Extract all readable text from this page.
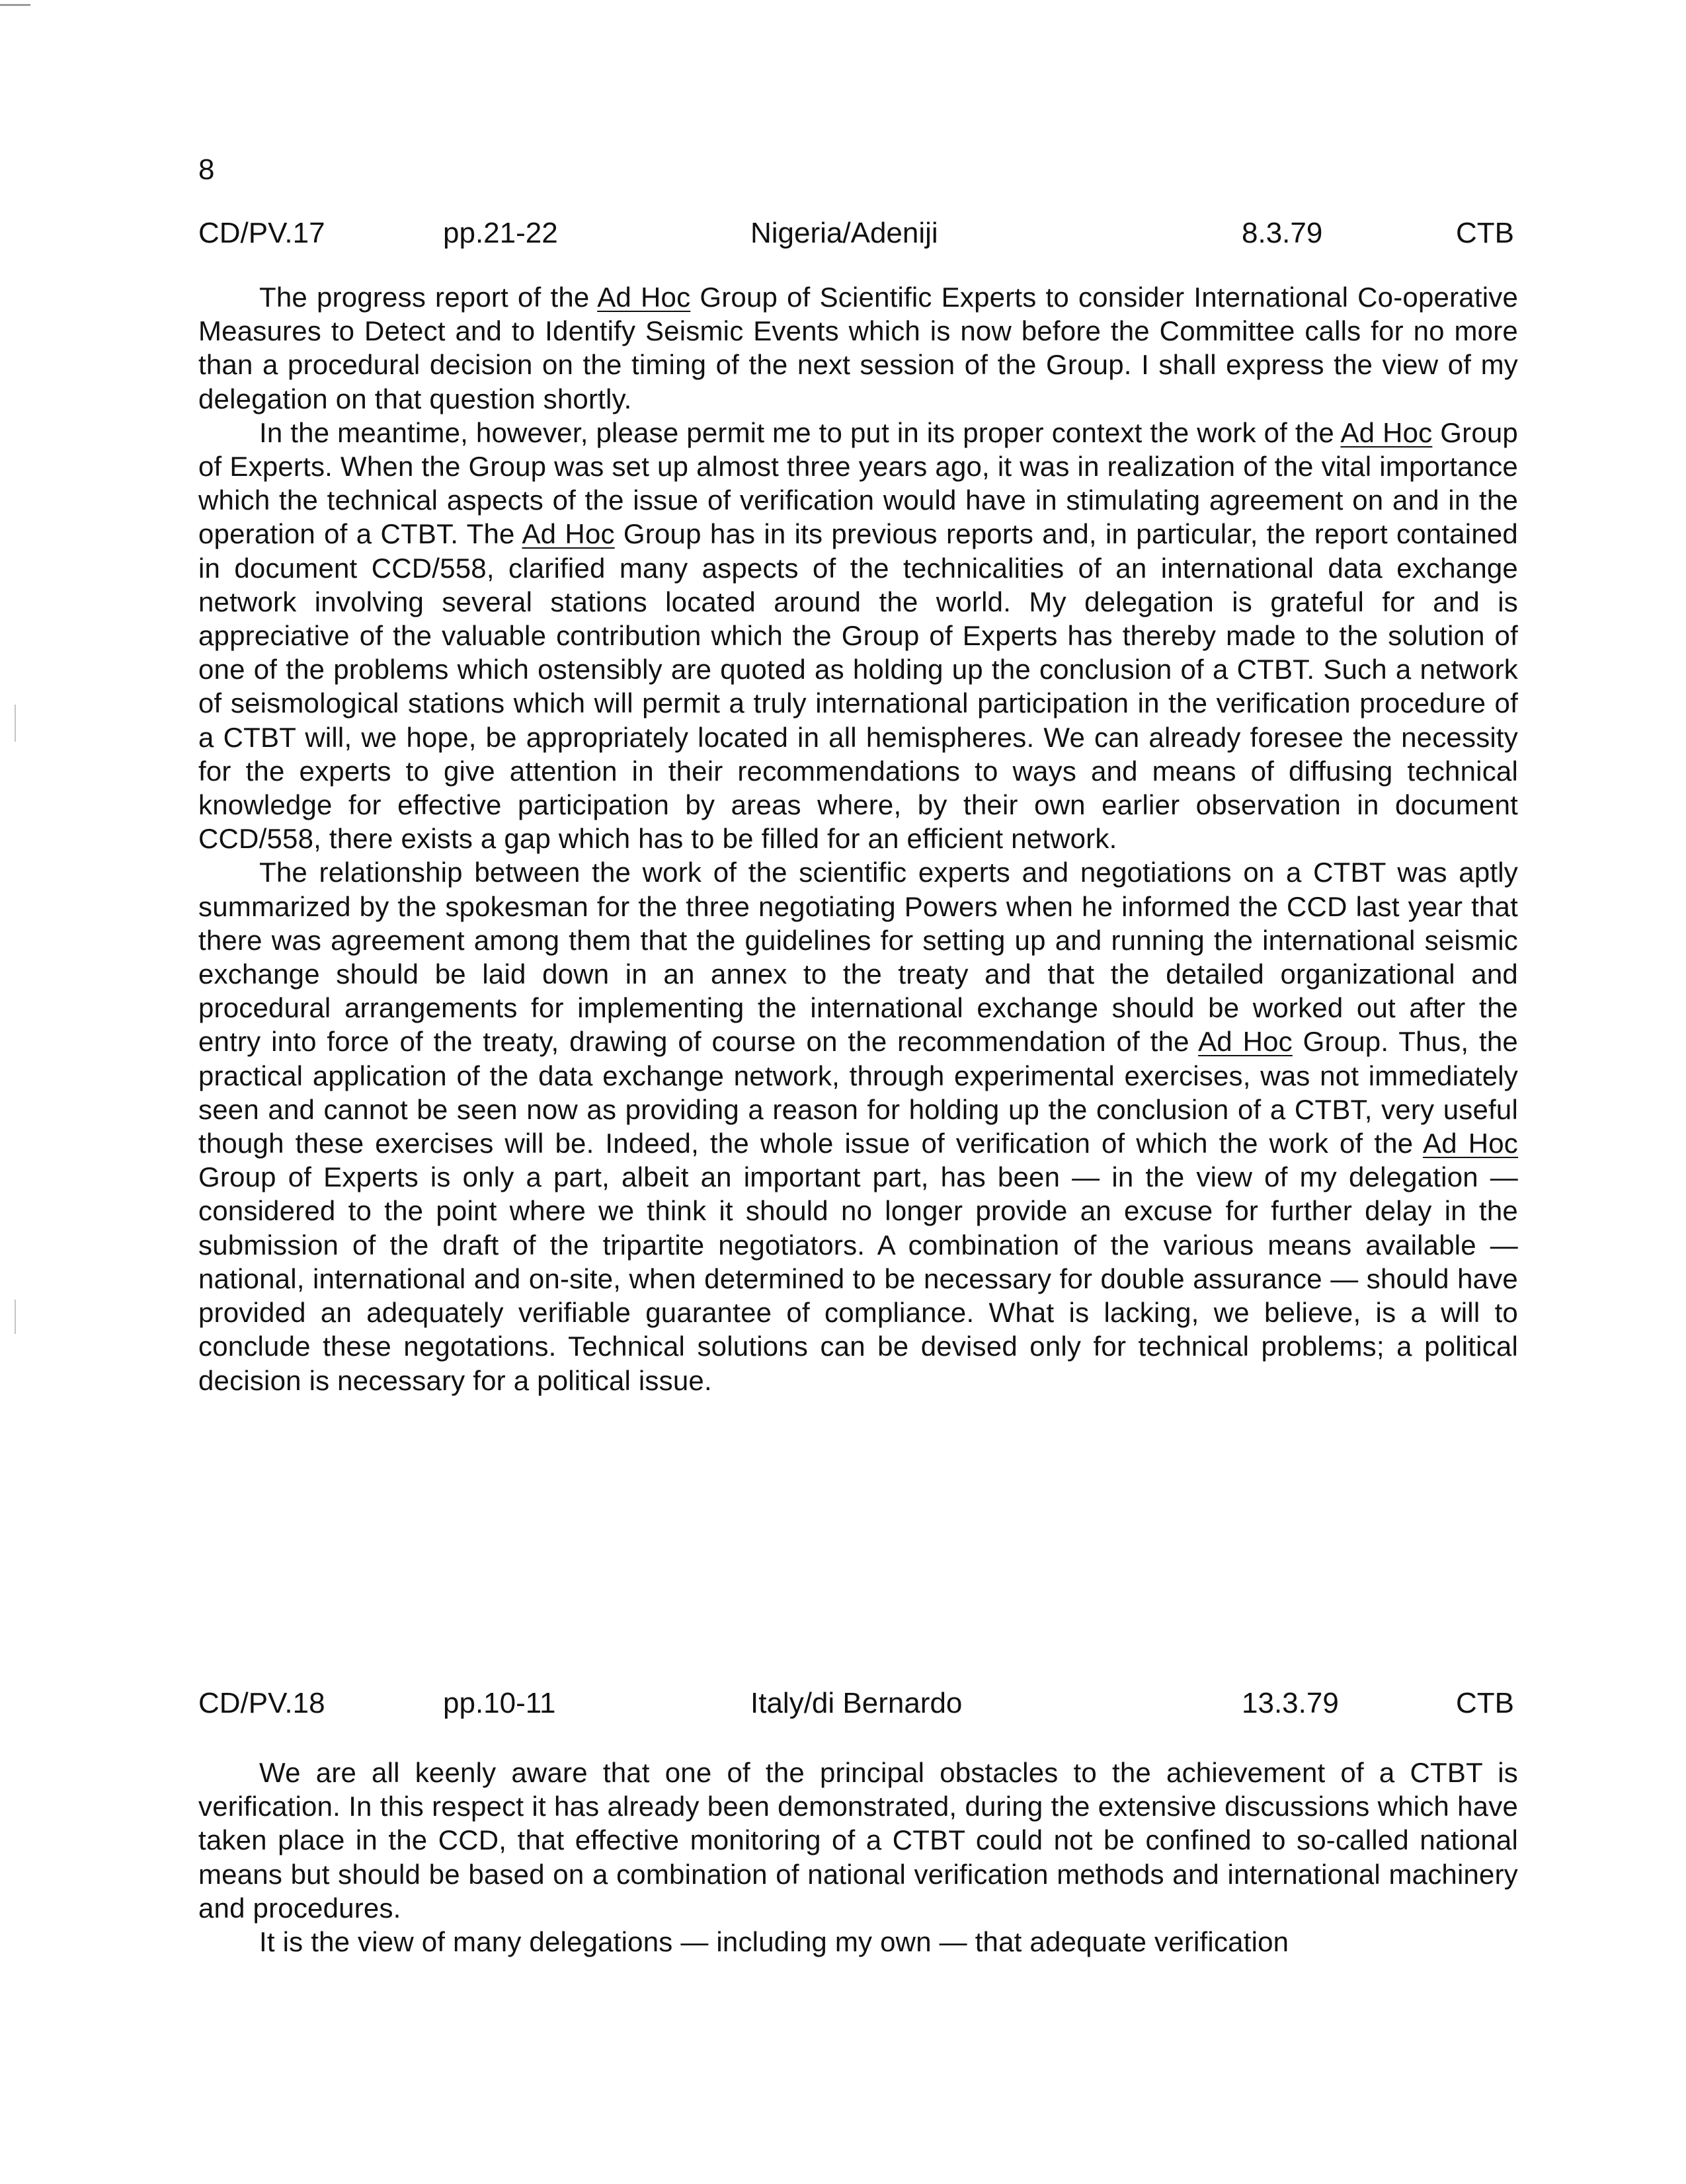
8
CD/PV.17	pp.21-22	Nigeria/Adeniji	8.3.79	CTB

The progress report of the Ad Hoc Group of Scientific Experts to consider International Co-operative Measures to Detect and to Identify Seismic Events which is now before the Committee calls for no more than a procedural decision on the timing of the next session of the Group. I shall express the view of my delegation on that question shortly.

In the meantime, however, please permit me to put in its proper context the work of the Ad Hoc Group of Experts. When the Group was set up almost three years ago, it was in realization of the vital importance which the technical aspects of the issue of verification would have in stimulating agreement on and in the operation of a CTBT. The Ad Hoc Group has in its previous reports and, in particular, the report contained in document CCD/558, clarified many aspects of the technicalities of an international data exchange network involving several stations located around the world. My delegation is grateful for and is appreciative of the valuable contribution which the Group of Experts has thereby made to the solution of one of the problems which ostensibly are quoted as holding up the conclusion of a CTBT. Such a network of seismological stations which will permit a truly international participation in the verification procedure of a CTBT will, we hope, be appropriately located in all hemispheres. We can already foresee the necessity for the experts to give attention in their recommendations to ways and means of diffusing technical knowledge for effective participation by areas where, by their own earlier observation in document CCD/558, there exists a gap which has to be filled for an efficient network.

The relationship between the work of the scientific experts and negotiations on a CTBT was aptly summarized by the spokesman for the three negotiating Powers when he informed the CCD last year that there was agreement among them that the guidelines for setting up and running the international seismic exchange should be laid down in an annex to the treaty and that the detailed organizational and procedural arrangements for implementing the international exchange should be worked out after the entry into force of the treaty, drawing of course on the recommendation of the Ad Hoc Group. Thus, the practical application of the data exchange network, through experimental exercises, was not immediately seen and cannot be seen now as providing a reason for holding up the conclusion of a CTBT, very useful though these exercises will be. Indeed, the whole issue of verification of which the work of the Ad Hoc Group of Experts is only a part, albeit an important part, has been — in the view of my delegation — considered to the point where we think it should no longer provide an excuse for further delay in the submission of the draft of the tripartite negotiators. A combination of the various means available — national, international and on-site, when determined to be necessary for double assurance — should have provided an adequately verifiable guarantee of compliance. What is lacking, we believe, is a will to conclude these negotations. Technical solutions can be devised only for technical problems; a political decision is necessary for a political issue.

CD/PV.18	pp.10-11	Italy/di Bernardo	13.3.79	CTB

We are all keenly aware that one of the principal obstacles to the achievement of a CTBT is verification. In this respect it has already been demonstrated, during the extensive discussions which have taken place in the CCD, that effective monitoring of a CTBT could not be confined to so-called national means but should be based on a combination of national verification methods and international machinery and procedures.

It is the view of many delegations — including my own — that adequate verification
